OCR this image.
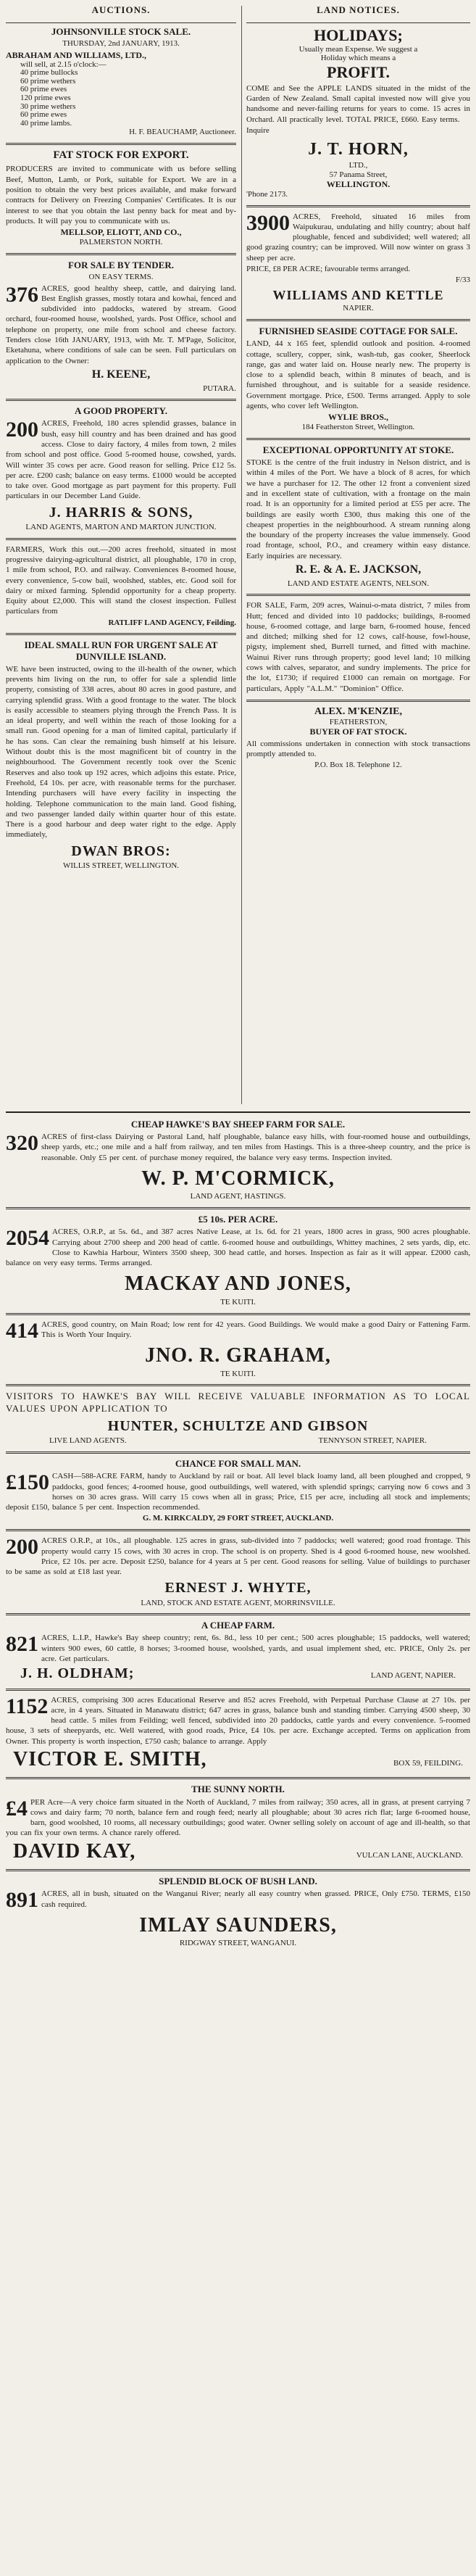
AUCTIONS.
JOHNSONVILLE STOCK SALE.
THURSDAY, 2nd JANUARY, 1913.
ABRAHAM AND WILLIAMS, LTD.,
will sell, at 2.15 o'clock:—
40 prime bullocks
60 prime wethers
60 prime ewes
120 prime ewes
30 prime wethers
60 prime ewes
40 prime lambs.
H. F. BEAUCHAMP, Auctioneer.
FAT STOCK FOR EXPORT.

PRODUCERS are invited to communicate with us before selling Beef, Mutton, Lamb, or Pork, suitable for Export. We are in a position to obtain the very best prices available, and make forward contracts for Delivery on Freezing Companies' Certificates. It is our interest to see that you obtain the last penny back for meat and by-products. It will pay you to communicate with us.

MELLSOP, ELIOTT, AND CO.,
PALMERSTON NORTH.
FOR SALE BY TENDER.
ON EASY TERMS.
376 ACRES, good healthy sheep, cattle, and dairying land. Best English grasses, mostly totara and kowhai, fenced and subdivided into paddocks, watered by stream. Good orchard, four-roomed house, woolshed, yards. Post Office, school and telephone on property, one mile from school and cheese factory. Tenders close 16th JANUARY, 1913, with Mr. T. M'Page, Solicitor, Eketahuna, where conditions of sale can be seen. Full particulars on application to the Owner:

H. KEENE,
PUTARA.
A GOOD PROPERTY.
200 ACRES, Freehold, 180 acres splendid grasses, balance in bush, easy hill country and has been drained and has good access. Close to dairy factory, 4 miles from town, 2 miles from school and post office. Good 5-roomed house, cowshed, yards. Will winter 35 cows per acre. Good reason for selling. Price £12 5s. per acre. £200 cash; balance on easy terms. £1000 would be accepted to take over. Good mortgage as part payment for this property. Full particulars in our December Land Guide.

J. HARRIS & SONS,
LAND AGENTS, MARTON AND MARTON JUNCTION.

FARMERS, Work this out.—200 acres freehold, situated in most progressive dairying-agricultural district, all ploughable, 170 in crop, 1 mile from school, P.O. and railway. Conveniences 8-roomed house, every convenience, 5-cow bail, woolshed, stables, etc. Good soil for dairy or mixed farming. Splendid opportunity for a cheap property. Equity about £2,000. This will stand the closest inspection. Fullest particulars from

RATLIFF LAND AGENCY, Feilding.
IDEAL SMALL RUN FOR URGENT SALE AT DUNVILLE ISLAND.

WE have been instructed, owing to the ill-health of the owner, which prevents him living on the run, to offer for sale a splendid little property, consisting of 338 acres, about 80 acres in good pasture, and carrying splendid grass. With a good frontage to the water. The block is easily accessible to steamers plying through the French Pass. It is an ideal property, and well within the reach of those looking for a small run. Good opening for a man of limited capital, particularly if he has sons. Can clear the remaining bush himself at his leisure. Without doubt this is the most magnificent bit of country in the neighbourhood. The Government recently took over the Scenic Reserves and also took up 192 acres, which adjoins this estate. Price, Freehold, £4 10s. per acre, with reasonable terms for the purchaser. Intending purchasers will have every facility in inspecting the holding. Telephone communication to the main land. Good fishing, and two passenger landed daily within quarter hour of this estate. There is a good harbour and deep water right to the edge. Apply immediately,

DWAN BROS:
WILLIS STREET, WELLINGTON.
LAND NOTICES.
HOLIDAYS;
Usually mean Expense. We suggest a
Holiday which means a
PROFIT.

COME and See the APPLE LANDS situated in the midst of the Garden of New Zealand. Small capital invested now will give you handsome and never-failing returns for years to come. 15 acres in Orchard. All practically level. TOTAL PRICE, £660. Easy terms.

Inquire
J. T. HORN,
LTD.,
57 Panama Street,
WELLINGTON.
'Phone 2173.
3900 ACRES, Freehold, situated 16 miles from Waipukurau, undulating and hilly country; about half ploughable, fenced and subdivided; well watered; all good grazing country; can be improved. Will now winter on grass 3 sheep per acre.

PRICE, £8 PER ACRE; favourable terms arranged.

F/33
WILLIAMS AND KETTLE
NAPIER.
FURNISHED SEASIDE COTTAGE FOR SALE.

LAND, 44 x 165 feet, splendid outlook and position. 4-roomed cottage, scullery, copper, sink, wash-tub, gas cooker, Sheerlock range, gas and water laid on. House nearly new. The property is close to a splendid beach, within 8 minutes of beach, and is furnished throughout, and is suitable for a seaside residence. Government mortgage. Price, £500. Terms arranged. Apply to sole agents, who cover left Wellington.

WYLIE BROS.,
184 Featherston Street, Wellington.
EXCEPTIONAL OPPORTUNITY AT STOKE.

STOKE is the centre of the fruit industry in Nelson district, and is within 4 miles of the Port. We have a block of 8 acres, for which we have a purchaser for 12. The other 12 front a convenient sized and in excellent state of cultivation, with a frontage on the main road. It is an opportunity for a limited period at £55 per acre. The buildings are easily worth £300, thus making this one of the cheapest properties in the neighbourhood. A stream running along the boundary of the property increases the value immensely. Good road frontage, school, P.O., and creamery within easy distance. Early inquiries are necessary.

R. E. & A. E. JACKSON,
LAND AND ESTATE AGENTS, NELSON.

FOR SALE, Farm, 209 acres, Wainui-o-mata district, 7 miles from Hutt; fenced and divided into 10 paddocks; buildings, 8-roomed house, 6-roomed cottage, and large barn, 6-roomed house, fenced and ditched; milking shed for 12 cows, calf-house, fowl-house, pigsty, implement shed, Burrell turned, and fitted with machine. Wainui River runs through property; good level land; 10 milking cows with calves, separator, and sundry implements. The price for the lot, £1730; if required £1000 can remain on mortgage. For particulars, Apply "A.L.M." "Dominion" Office.

ALEX. M'KENZIE,
FEATHERSTON,
BUYER OF FAT STOCK.

All commissions undertaken in connection with stock transactions promptly attended to.

P.O. Box 18. Telephone 12.
CHEAP HAWKE'S BAY SHEEP FARM FOR SALE.
320 ACRES of first-class Dairying or Pastoral Land, half ploughable, balance easy hills, with four-roomed house and outbuildings, sheep yards, etc.; one mile and a half from railway, and ten miles from Hastings. This is a three-sheep country, and the price is reasonable. Only £5 per cent. of purchase money required, the balance very easy terms. Inspection invited.

W. P. M'CORMICK,
LAND AGENT, HASTINGS.
£5 10s. PER ACRE.
2054 ACRES, O.R.P., at 5s. 6d., and 387 acres Native Lease, at 1s. 6d. for 21 years, 1800 acres in grass, 900 acres ploughable. Carrying about 2700 sheep and 200 head of cattle. 6-roomed house and outbuildings, Whittey machines, 2 sets yards, dip, etc. Close to Kawhia Harbour, Winters 3500 sheep, 300 head cattle, and horses. Inspection as fair as it will appear. £2000 cash, balance on very easy terms. Terms arranged.

MACKAY AND JONES,
TE KUITI.
414 ACRES, good country, on Main Road; low rent for 42 years. Good Buildings. We would make a good Dairy or Fattening Farm. This is Worth Your Inquiry.

JNO. R. GRAHAM,
TE KUITI.

VISITORS TO HAWKE'S BAY WILL RECEIVE VALUABLE INFORMATION AS TO LOCAL VALUES UPON APPLICATION TO

HUNTER, SCHULTZE AND GIBSON
LIVE LAND AGENTS.	TENNYSON STREET, NAPIER.
CHANCE FOR SMALL MAN.
£150 CASH—588-ACRE FARM, handy to Auckland by rail or boat. All level black loamy land, all been ploughed and cropped, 9 paddocks, good fences; 4-roomed house, good outbuildings, well watered, with splendid springs; carrying now 6 cows and 3 horses on 30 acres grass. Will carry 15 cows when all in grass; Price, £15 per acre, including all stock and implements; deposit £150, balance 5 per cent. Inspection recommended.

G. M. KIRKCALDY, 29 FORT STREET, AUCKLAND.
200 ACRES O.R.P., at 10s., all ploughable. 125 acres in grass, sub-divided into 7 paddocks; well watered; good road frontage. This property would carry 15 cows, with 30 acres in crop. The school is on property. Shed is 4 good 6-roomed house, new woolshed. Price, £2 10s. per acre. Deposit £250, balance for 4 years at 5 per cent. Good reasons for selling. Value of buildings to purchaser to be same as sold at £18 last year.

ERNEST J. WHYTE,
LAND, STOCK AND ESTATE AGENT, MORRINSVILLE.
A CHEAP FARM.
821 ACRES, L.I.P., Hawke's Bay sheep country; rent, 6s. 8d., less 10 per cent.; 500 acres ploughable; 15 paddocks, well watered; winters 900 ewes, 60 cattle, 8 horses; 3-roomed house, woolshed, yards, and usual implement shed, etc. PRICE, Only 2s. per acre. Get particulars.

J. H. OLDHAM;	LAND AGENT, NAPIER.
1152 ACRES, comprising 300 acres Educational Reserve and 852 acres Freehold, with Perpetual Purchase Clause at 27 10s. per acre, in 4 years. Situated in Manawatu district; 647 acres in grass, balance bush and standing timber. Carrying 4500 sheep, 30 head cattle. 5 miles from Feilding; well fenced, subdivided into 20 paddocks, cattle yards and every convenience. 5-roomed house, 3 sets of sheepyards, etc. Well watered, with good roads, Price, £4 10s. per acre. Exchange accepted. Terms on application from Owner. This property is worth inspection, £750 cash; balance to arrange. Apply

VICTOR E. SMITH,	BOX 59, FEILDING.
THE SUNNY NORTH.
£4 PER Acre—A very choice farm situated in the North of Auckland, 7 miles from railway; 350 acres, all in grass, at present carrying 7 cows and dairy farm; 70 north, balance fern and rough feed; nearly all ploughable; about 30 acres rich flat; large 6-roomed house, barn, good woolshed, 10 rooms, all necessary outbuildings; good water. Owner selling solely on account of age and ill-health, so that you can fix your own terms. A chance rarely offered.

DAVID KAY,	VULCAN LANE, AUCKLAND.
SPLENDID BLOCK OF BUSH LAND.
891 ACRES, all in bush, situated on the Wanganui River; nearly all easy country when grassed. PRICE, Only £750. TERMS, £150 cash required.

IMLAY SAUNDERS,
RIDGWAY STREET, WANGANUI.
